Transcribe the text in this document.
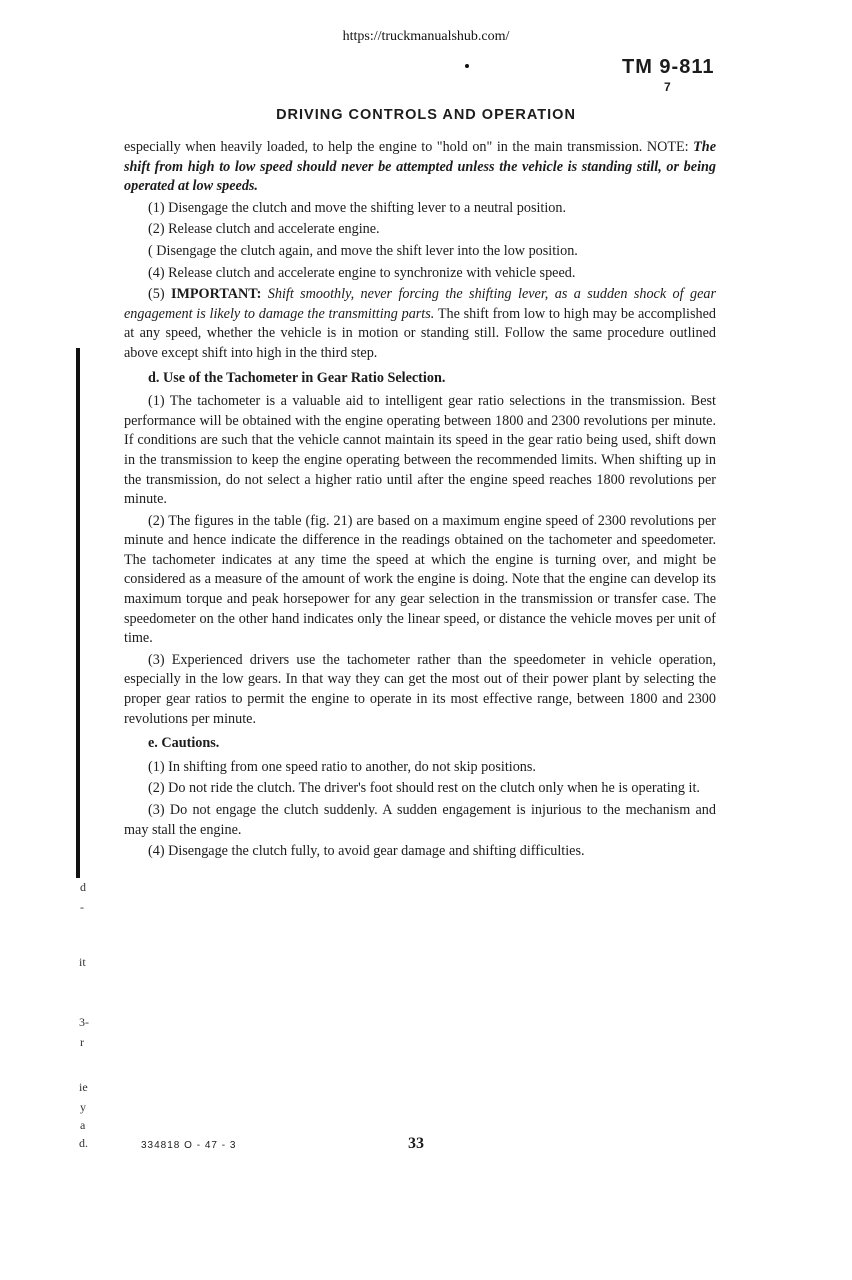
https://truckmanualshub.com/
TM 9-811
7
DRIVING CONTROLS AND OPERATION

especially when heavily loaded, to help the engine to "hold on" in the main transmission. NOTE: The shift from high to low speed should never be attempted unless the vehicle is standing still, or being operated at low speeds.

(1) Disengage the clutch and move the shifting lever to a neutral position.

(2) Release clutch and accelerate engine.

( Disengage the clutch again, and move the shift lever into the low position.

(4) Release clutch and accelerate engine to synchronize with vehicle speed.

(5) IMPORTANT: Shift smoothly, never forcing the shifting lever, as a sudden shock of gear engagement is likely to damage the transmitting parts. The shift from low to high may be accomplished at any speed, whether the vehicle is in motion or standing still. Follow the same procedure outlined above except shift into high in the third step.

d. Use of the Tachometer in Gear Ratio Selection.

(1) The tachometer is a valuable aid to intelligent gear ratio selections in the transmission. Best performance will be obtained with the engine operating between 1800 and 2300 revolutions per minute. If conditions are such that the vehicle cannot maintain its speed in the gear ratio being used, shift down in the transmission to keep the engine operating between the recommended limits. When shifting up in the transmission, do not select a higher ratio until after the engine speed reaches 1800 revolutions per minute.

(2) The figures in the table (fig. 21) are based on a maximum engine speed of 2300 revolutions per minute and hence indicate the difference in the readings obtained on the tachometer and speedometer. The tachometer indicates at any time the speed at which the engine is turning over, and might be considered as a measure of the amount of work the engine is doing. Note that the engine can develop its maximum torque and peak horsepower for any gear selection in the transmission or transfer case. The speedometer on the other hand indicates only the linear speed, or distance the vehicle moves per unit of time.

(3) Experienced drivers use the tachometer rather than the speedometer in vehicle operation, especially in the low gears. In that way they can get the most out of their power plant by selecting the proper gear ratios to permit the engine to operate in its most effective range, between 1800 and 2300 revolutions per minute.

e. Cautions.

(1) In shifting from one speed ratio to another, do not skip positions.

(2) Do not ride the clutch. The driver's foot should rest on the clutch only when he is operating it.

(3) Do not engage the clutch suddenly. A sudden engagement is injurious to the mechanism and may stall the engine.

(4) Disengage the clutch fully, to avoid gear damage and shifting difficulties.

d
-
it
3-
r
ie
y
a
d.	334818 O - 47 - 3	33
